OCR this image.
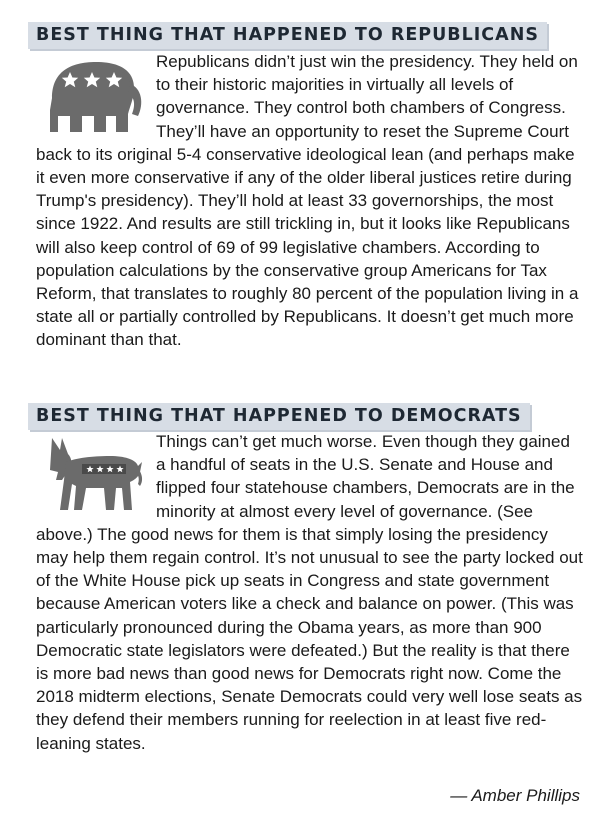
BEST THING THAT HAPPENED TO REPUBLICANS
Republicans didn’t just win the presidency. They held on to their historic majorities in virtually all levels of governance. They control both chambers of Congress. They’ll have an opportunity to reset the Supreme Court back to its original 5-4 conservative ideological lean (and perhaps make it even more conservative if any of the older liberal justices retire during Trump's presidency). They’ll hold at least 33 governorships, the most since 1922. And results are still trickling in, but it looks like Republicans will also keep control of 69 of 99 legislative chambers. According to population calculations by the conservative group Americans for Tax Reform, that translates to roughly 80 percent of the population living in a state all or partially controlled by Republicans. It doesn’t get much more dominant than that.
BEST THING THAT HAPPENED TO DEMOCRATS
Things can’t get much worse. Even though they gained a handful of seats in the U.S. Senate and House and flipped four statehouse chambers, Democrats are in the minority at almost every level of governance. (See above.) The good news for them is that simply losing the presidency may help them regain control. It’s not unusual to see the party locked out of the White House pick up seats in Congress and state government because American voters like a check and balance on power. (This was particularly pronounced during the Obama years, as more than 900 Democratic state legislators were defeated.) But the reality is that there is more bad news than good news for Democrats right now. Come the 2018 midterm elections, Senate Democrats could very well lose seats as they defend their members running for reelection in at least five red-leaning states.
— Amber Phillips
